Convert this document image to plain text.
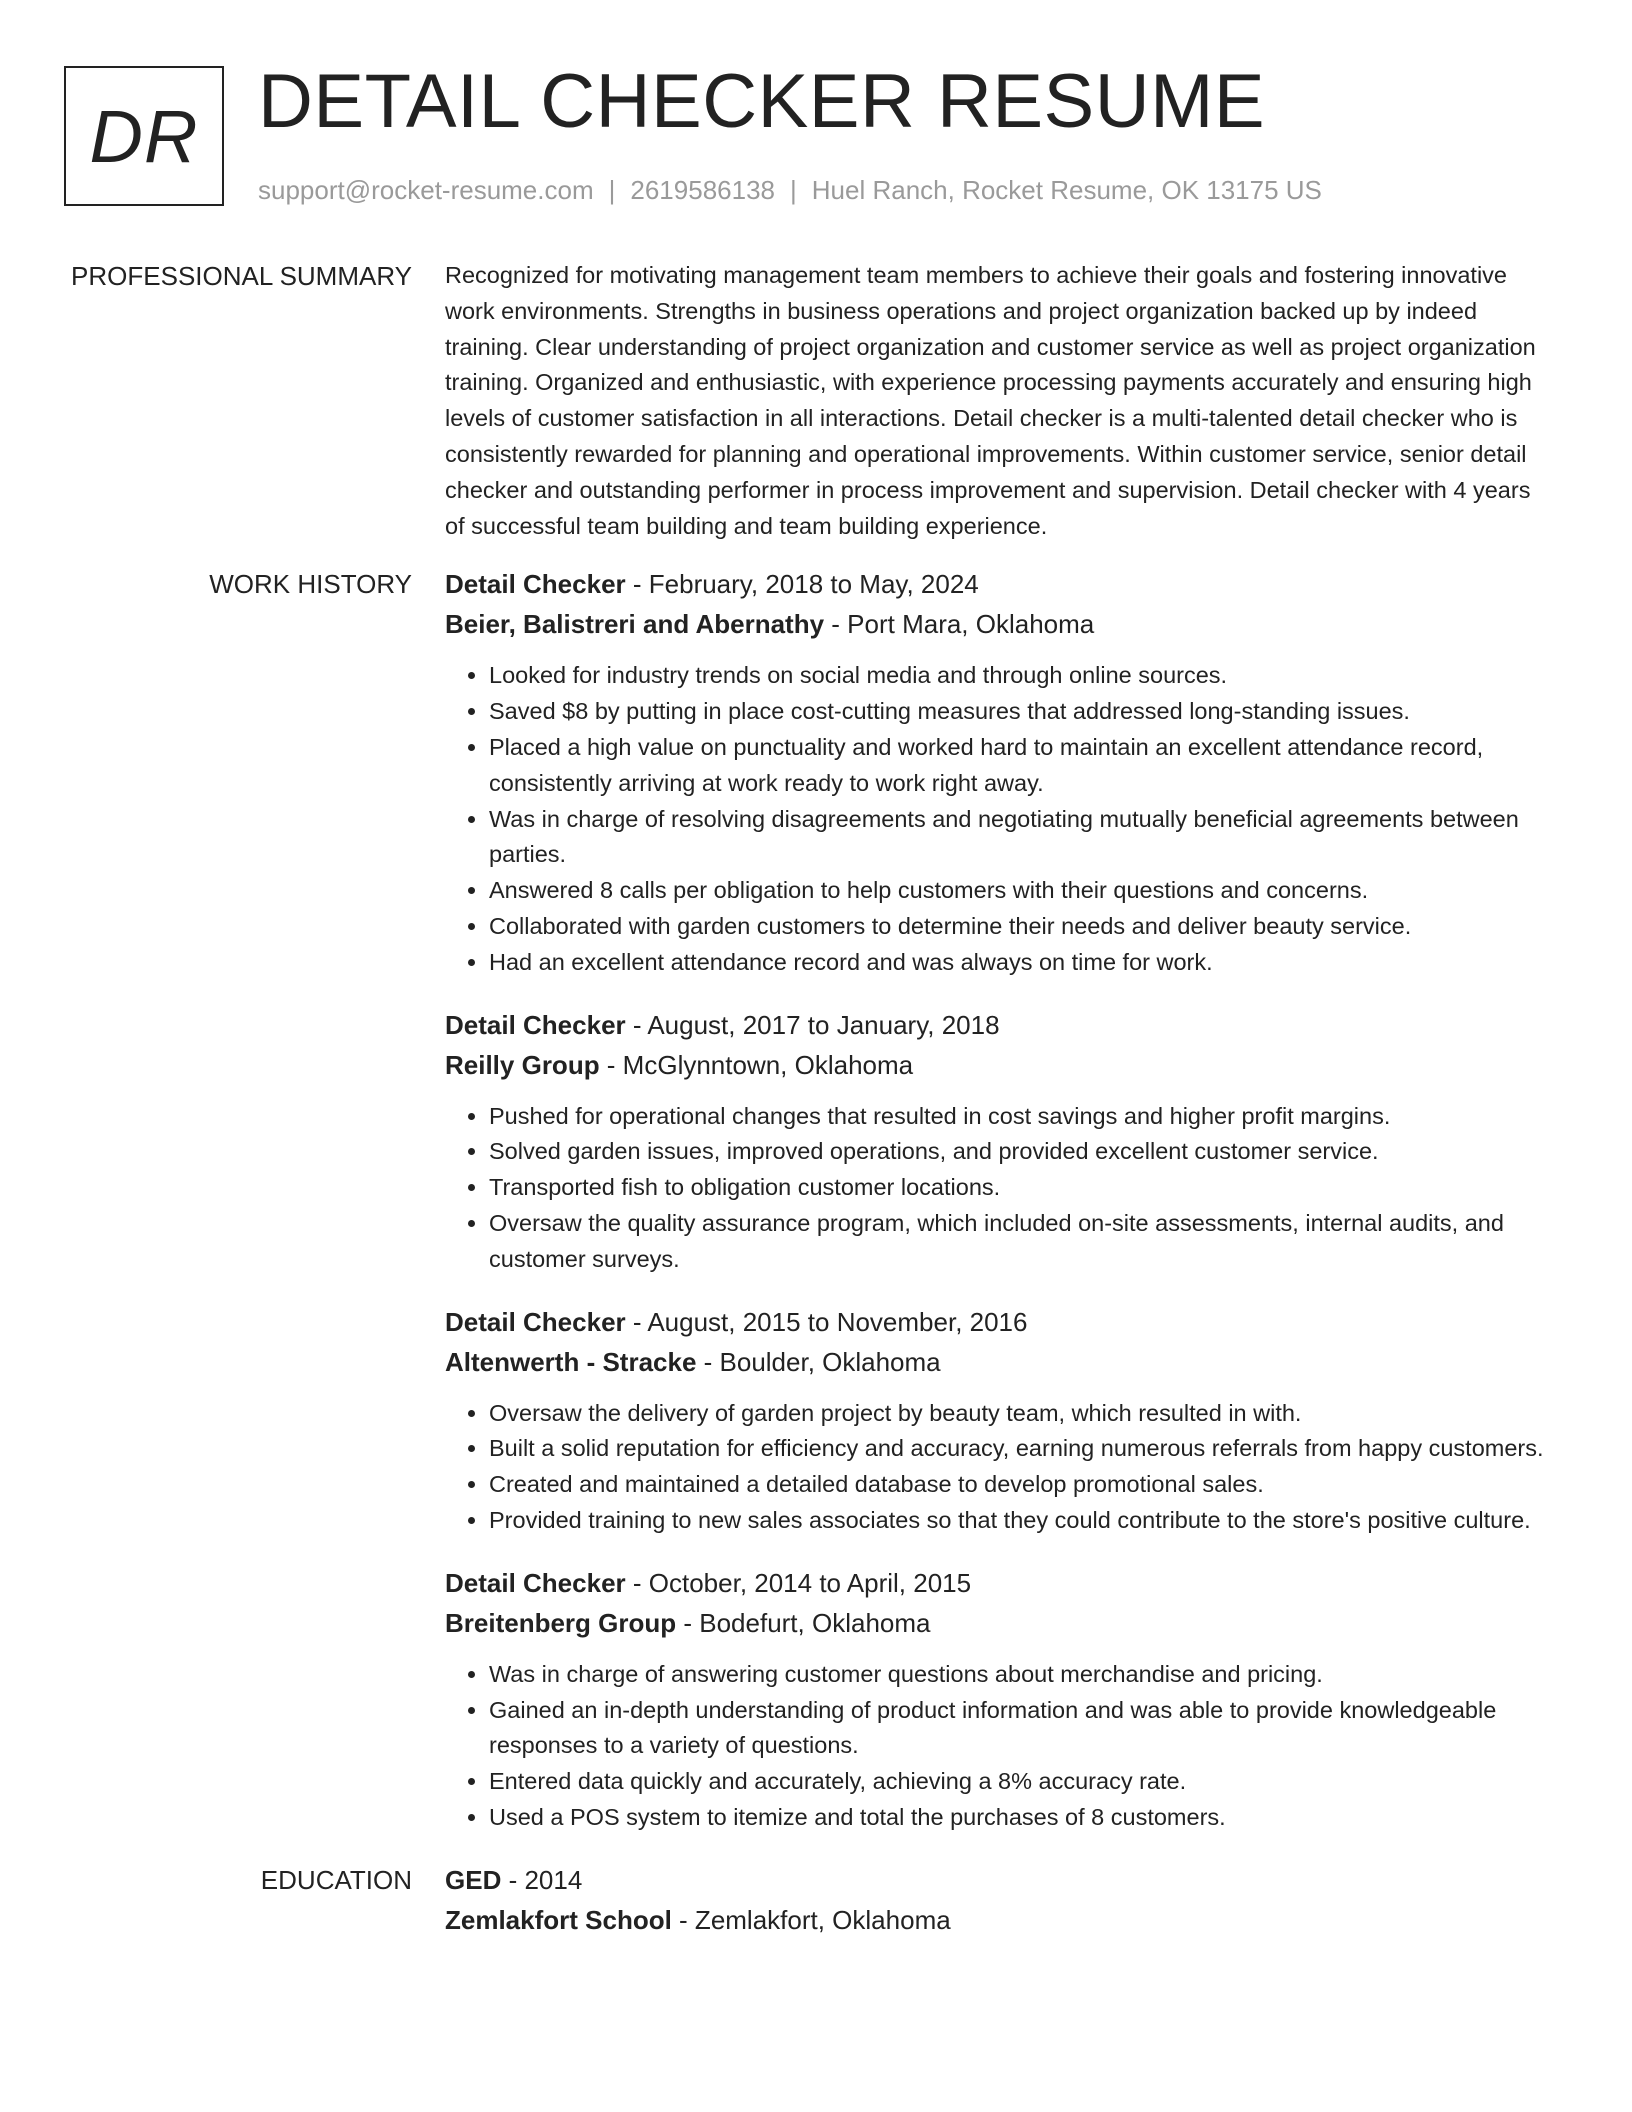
DR DETAIL CHECKER RESUME
support@rocket-resume.com | 2619586138 | Huel Ranch, Rocket Resume, OK 13175 US
PROFESSIONAL SUMMARY Recognized for motivating management team members to achieve their goals and fostering innovative work environments. Strengths in business operations and project organization backed up by indeed training. Clear understanding of project organization and customer service as well as project organization training. Organized and enthusiastic, with experience processing payments accurately and ensuring high levels of customer satisfaction in all interactions. Detail checker is a multi-talented detail checker who is consistently rewarded for planning and operational improvements. Within customer service, senior detail checker and outstanding performer in process improvement and supervision. Detail checker with 4 years of successful team building and team building experience.

WORK HISTORY Detail Checker - February, 2018 to May, 2024

Beier, Balistreri and Abernathy - Port Mara, Oklahoma

• Looked for industry trends on social media and through online sources.
• Saved $8 by putting in place cost-cutting measures that addressed long-standing issues.
• Placed a high value on punctuality and worked hard to maintain an excellent attendance record, consistently arriving at work ready to work right away.
• Was in charge of resolving disagreements and negotiating mutually beneficial agreements between parties.
• Answered 8 calls per obligation to help customers with their questions and concerns.
• Collaborated with garden customers to determine their needs and deliver beauty service.
• Had an excellent attendance record and was always on time for work.

Detail Checker - August, 2017 to January, 2018

Reilly Group - McGlynntown, Oklahoma

• Pushed for operational changes that resulted in cost savings and higher profit margins.
• Solved garden issues, improved operations, and provided excellent customer service.
• Transported fish to obligation customer locations.
• Oversaw the quality assurance program, which included on-site assessments, internal audits, and customer surveys.

Detail Checker - August, 2015 to November, 2016

Altenwerth - Stracke - Boulder, Oklahoma

• Oversaw the delivery of garden project by beauty team, which resulted in with.
• Built a solid reputation for efficiency and accuracy, earning numerous referrals from happy customers.
• Created and maintained a detailed database to develop promotional sales.
• Provided training to new sales associates so that they could contribute to the store's positive culture.

Detail Checker - October, 2014 to April, 2015

Breitenberg Group - Bodefurt, Oklahoma

• Was in charge of answering customer questions about merchandise and pricing.
• Gained an in-depth understanding of product information and was able to provide knowledgeable responses to a variety of questions.
• Entered data quickly and accurately, achieving a 8% accuracy rate.
• Used a POS system to itemize and total the purchases of 8 customers.
EDUCATION GED - 2014

Zemlakfort School - Zemlakfort, Oklahoma
